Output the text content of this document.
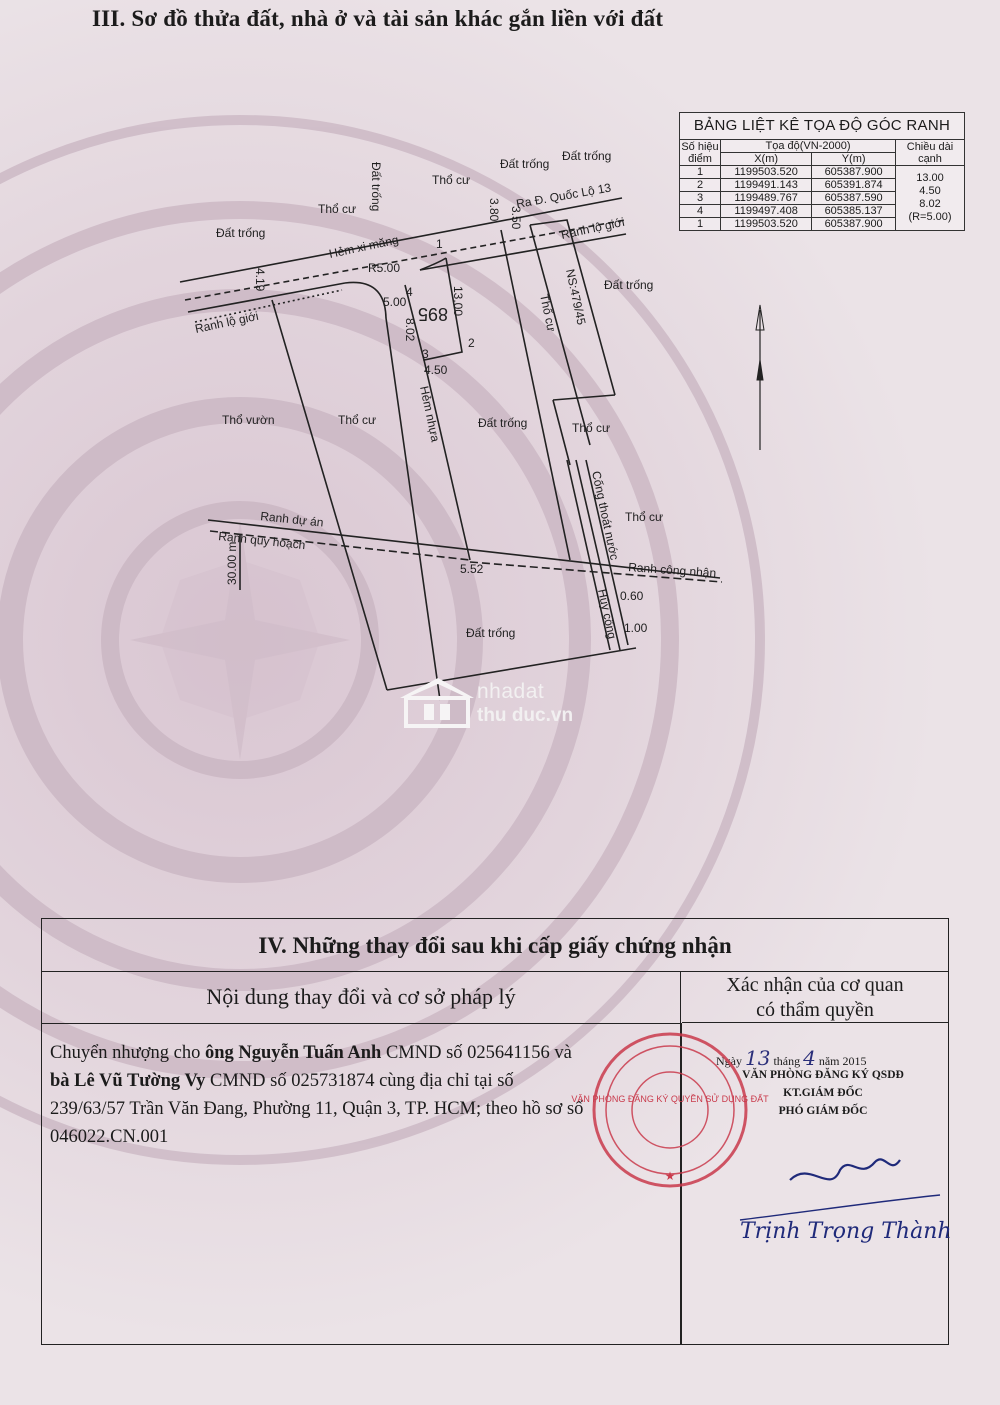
III. Sơ đồ thửa đất, nhà ở và tài sản khác gắn liền với đất
Đất trống
Thổ cư
Thổ cư
Đất trống
Đất trống
Đất trống
Đất trống	Thổ cư
Thổ cư
Thổ vườn
Thổ cư
Đất trống
Ranh lộ giới
Ranh lộ giới
Hẻm xi măng
Ra Đ. Quốc Lộ 13
Đất trống
Hẻm nhựa
Thổ cư NS:479/45
Cống thoát nước
Hủy cống
Ranh dự án
Ranh quy hoạch
Ranh công nhận
13.00
5.00
8.02
4.50
R5.00
4.19
3.80 3.50
5.52
30.00 m
0.60
1.00
1
2
3
4
895
BẢNG LIỆT KÊ TỌA ĐỘ GÓC RANH			
Số hiệu điểm	Tọa độ(VN-2000)		Chiều dài cạnh
	X(m)	Y(m)	
1	1199503.520	605387.900	13.00
4.50
8.02
(R=5.00)

2	1199491.143	605391.874	
3	1199489.767	605387.590	
4	1199497.408	605385.137	
1	1199503.520	605387.900	
nhadat
thu duc.vn
IV. Những thay đổi sau khi cấp giấy chứng nhận
Nội dung thay đổi và cơ sở pháp lý	Xác nhận của cơ quan
có thẩm quyền
Chuyển nhượng cho ông Nguyễn Tuấn Anh CMND số 025641156 và
bà Lê Vũ Tường Vy CMND số 025731874 cùng địa chỉ tại số
239/63/57 Trần Văn Đang, Phường 11, Quận 3, TP. HCM; theo hồ sơ số
046022.CN.001
Ngày 13 tháng 4 năm 2015
VĂN PHÒNG ĐĂNG KÝ QSDĐ
KT.GIÁM ĐỐC
PHÓ GIÁM ĐỐC
VĂN PHÒNG ĐĂNG KÝ QUYỀN SỬ DỤNG ĐẤT
★
Trịnh Trọng Thành
